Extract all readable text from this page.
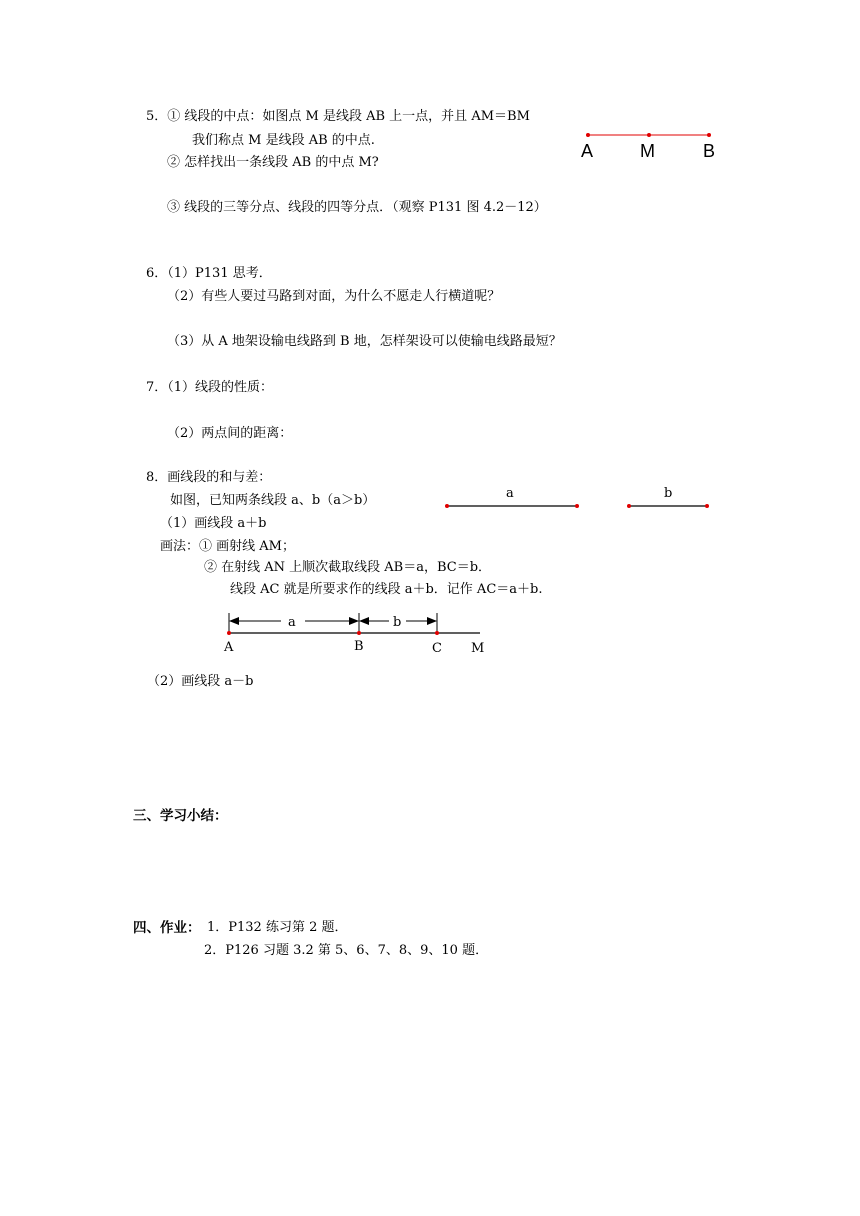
5．① 线段的中点：如图点 M 是线段 AB 上一点，并且 AM＝BM
我们称点 M 是线段 AB 的中点.
② 怎样找出一条线段 AB 的中点 M?
③ 线段的三等分点、线段的四等分点．（观察 P131 图 4.2－12）
A	M	B
6．（1）P131 思考．
（2）有些人要过马路到对面，为什么不愿走人行横道呢？
（3）从 A 地架设输电线路到 B 地，怎样架设可以使输电线路最短？
7．（1）线段的性质：
（2）两点间的距离：
8．画线段的和与差：
如图，已知两条线段 a、b（a＞b）	a	b
（1）画线段 a＋b
画法：① 画射线 AM；
② 在射线 AN 上顺次截取线段 AB＝a，BC＝b．
线段 AC 就是所要求作的线段 a＋b．记作 AC＝a＋b.
a	b
A	B	C M
（2）画线段 a－b
三、学习小结：
四、作业： 1．P132 练习第 2 题．
2．P126 习题 3.2 第 5、6、7、8、9、10 题．
